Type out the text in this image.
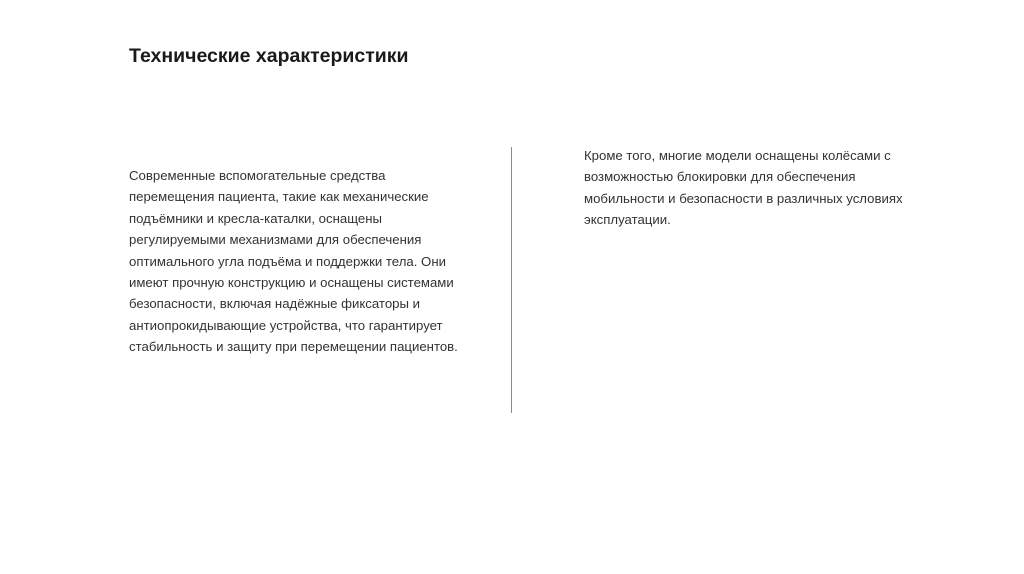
Технические характеристики

Современные вспомогательные средства перемещения пациента, такие как механические подъёмники и кресла-каталки, оснащены регулируемыми механизмами для обеспечения оптимального угла подъёма и поддержки тела. Они имеют прочную конструкцию и оснащены системами безопасности, включая надёжные фиксаторы и антиопрокидывающие устройства, что гарантирует стабильность и защиту при перемещении пациентов.

Кроме того, многие модели оснащены колёсами с возможностью блокировки для обеспечения мобильности и безопасности в различных условиях эксплуатации.
